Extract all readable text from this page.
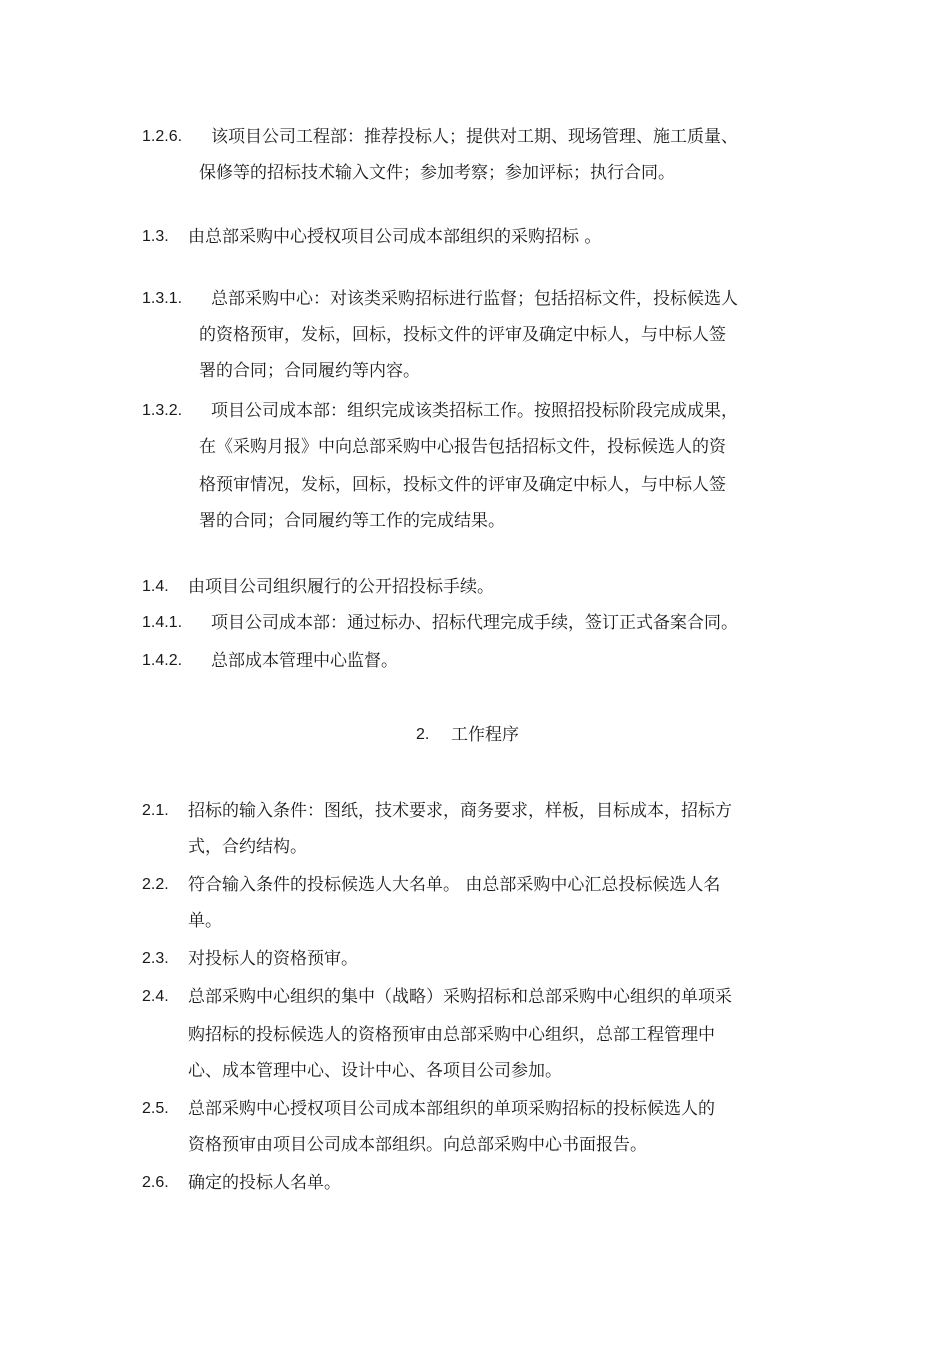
1.2.6. 该项目公司工程部：推荐投标人；提供对工期、现场管理、施工质量、
保修等的招标技术输入文件；参加考察；参加评标；执行合同。
1.3. 由总部采购中心授权项目公司成本部组织的采购招标 。
1.3.1. 总部采购中心：对该类采购招标进行监督；包括招标文件，投标候选人
的资格预审，发标，回标，投标文件的评审及确定中标人，与中标人签
署的合同；合同履约等内容。
1.3.2. 项目公司成本部：组织完成该类招标工作。按照招投标阶段完成成果，
在《采购月报》中向总部采购中心报告包括招标文件，投标候选人的资
格预审情况，发标，回标，投标文件的评审及确定中标人，与中标人签
署的合同；合同履约等工作的完成结果。
1.4. 由项目公司组织履行的公开招投标手续。
1.4.1. 项目公司成本部：通过标办、招标代理完成手续，签订正式备案合同。
1.4.2. 总部成本管理中心监督。
2. 工作程序
2.1. 招标的输入条件：图纸，技术要求，商务要求，样板，目标成本，招标方
式，合约结构。
2.2. 符合输入条件的投标候选人大名单。 由总部采购中心汇总投标候选人名
单。
2.3. 对投标人的资格预审。
2.4. 总部采购中心组织的集中（战略）采购招标和总部采购中心组织的单项采
购招标的投标候选人的资格预审由总部采购中心组织，总部工程管理中
心、成本管理中心、设计中心、各项目公司参加。
2.5. 总部采购中心授权项目公司成本部组织的单项采购招标的投标候选人的
资格预审由项目公司成本部组织。向总部采购中心书面报告。
2.6. 确定的投标人名单。
